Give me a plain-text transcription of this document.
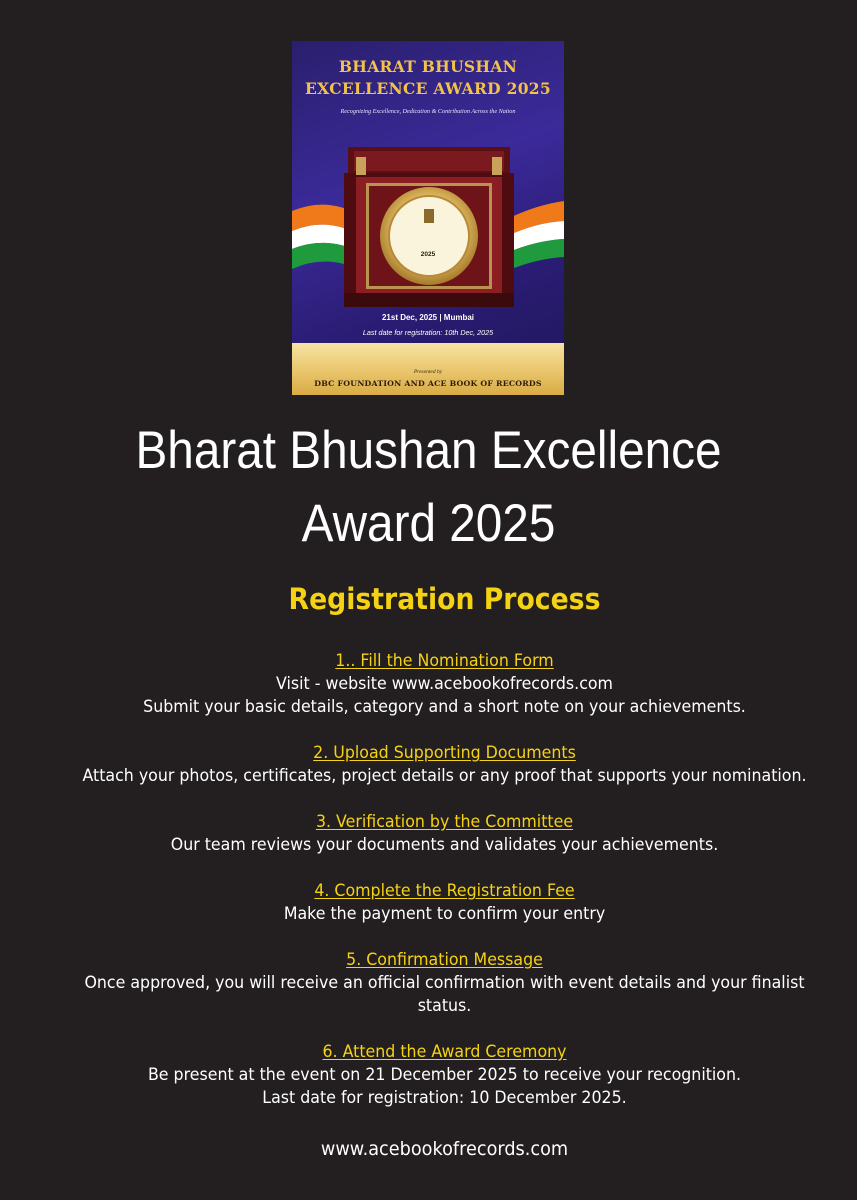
BHARAT BHUSHAN
EXCELLENCE AWARD 2025
Recognizing Excellence, Dedication & Contribution Across the Nation
2025
21st Dec, 2025 | Mumbai
Last date for registration: 10th Dec, 2025
Presented by
DBC FOUNDATION AND ACE BOOK OF RECORDS
Bharat Bhushan Excellence
Award 2025
Registration Process
1.. Fill the Nomination Form
Visit - website www.acebookofrecords.com
Submit your basic details, category and a short note on your achievements.
2. Upload Supporting Documents
Attach your photos, certificates, project details or any proof that supports your nomination.
3. Verification by the Committee
Our team reviews your documents and validates your achievements.
4. Complete the Registration Fee
Make the payment to confirm your entry
5. Confirmation Message
Once approved, you will receive an official confirmation with event details and your finalist
status.
6. Attend the Award Ceremony
Be present at the event on 21 December 2025 to receive your recognition.
Last date for registration: 10 December 2025.
www.acebookofrecords.com
